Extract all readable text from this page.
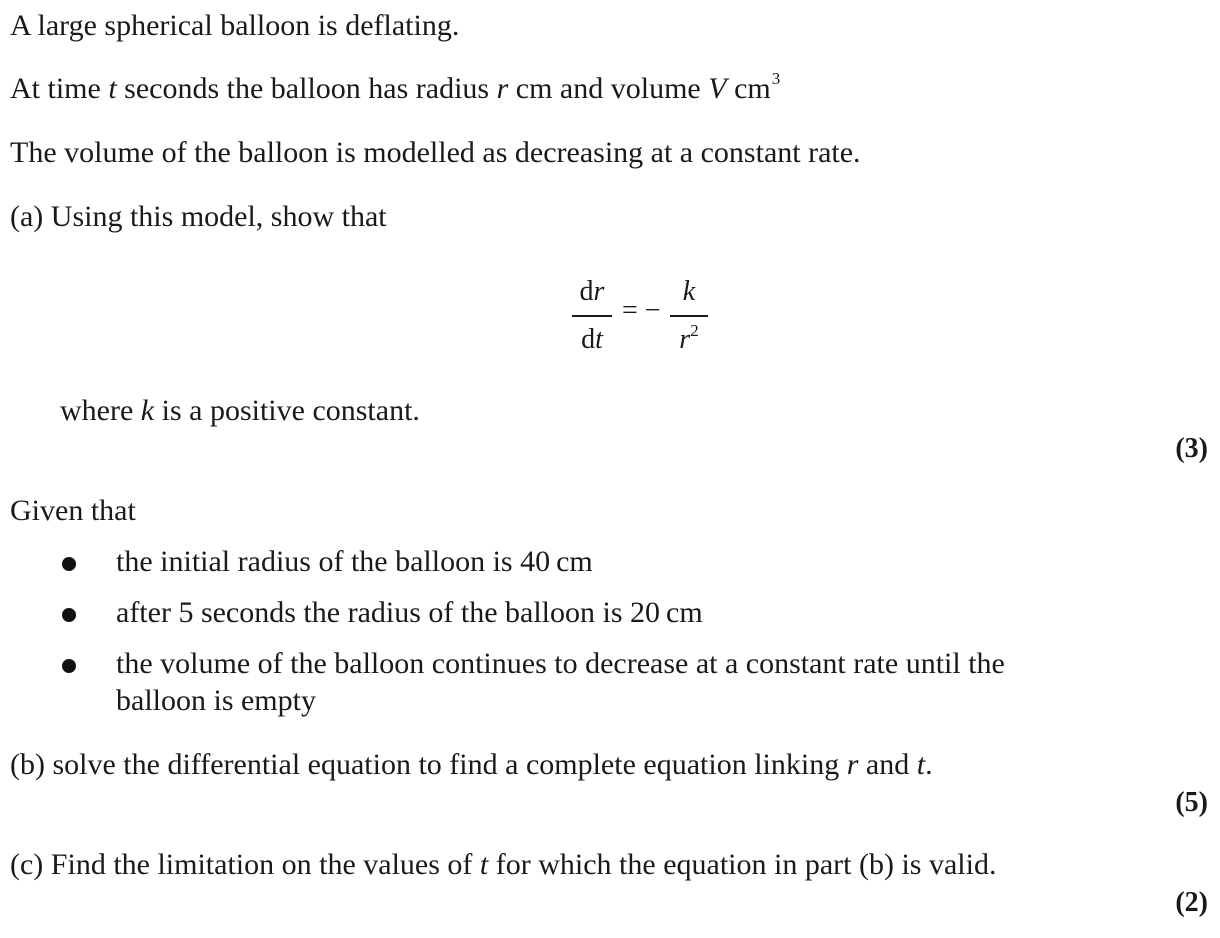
A large spherical balloon is deflating.
At time t seconds the balloon has radius r cm and volume V $cm^3$
The volume of the balloon is modelled as decreasing at a constant rate.
(a) Using this model, show that
dr
dt
= −
k
$r^2$
where k is a positive constant.
(3)
Given that
the initial radius of the balloon is 40 cm
after 5 seconds the radius of the balloon is 20 cm
the volume of the balloon continues to decrease at a constant rate until the
balloon is empty
(b) solve the differential equation to find a complete equation linking r and t.
(5)
(c) Find the limitation on the values of t for which the equation in part (b) is valid.
(2)
